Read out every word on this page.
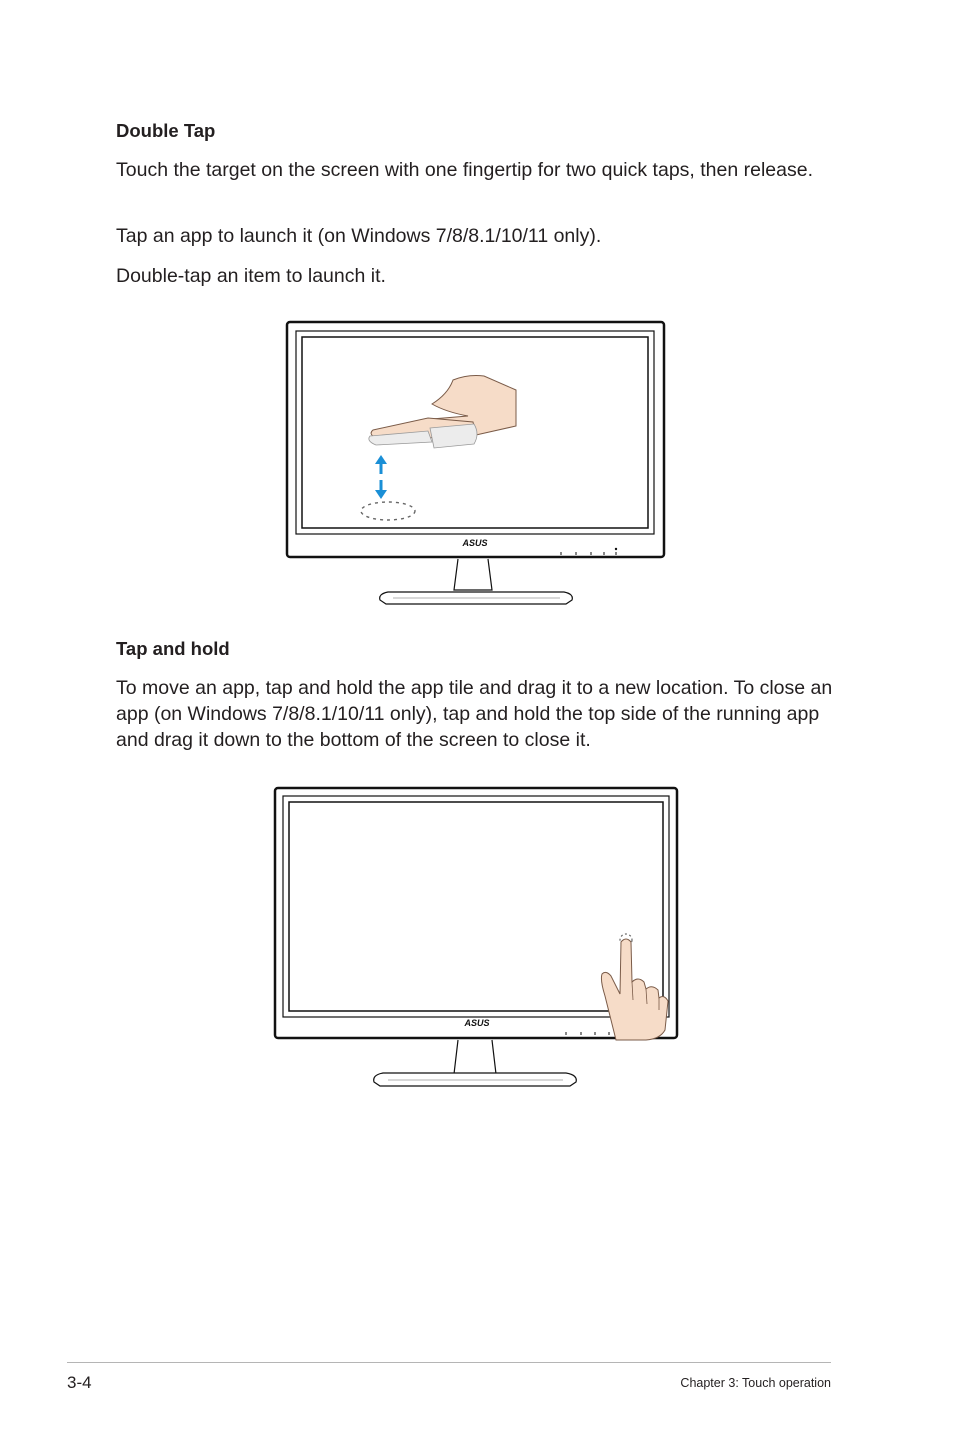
Double Tap

Touch the target on the screen with one fingertip for two quick taps, then release.

Tap an app to launch it (on Windows 7/8/8.1/10/11 only).

Double-tap an item to launch it.

ASUS
Tap and hold

To move an app, tap and hold the app tile and drag it to a new location. To close an app (on Windows 7/8/8.1/10/11 only), tap and hold the top side of the running app and drag it down to the bottom of the screen to close it.

ASUS
3-4	Chapter 3: Touch operation
